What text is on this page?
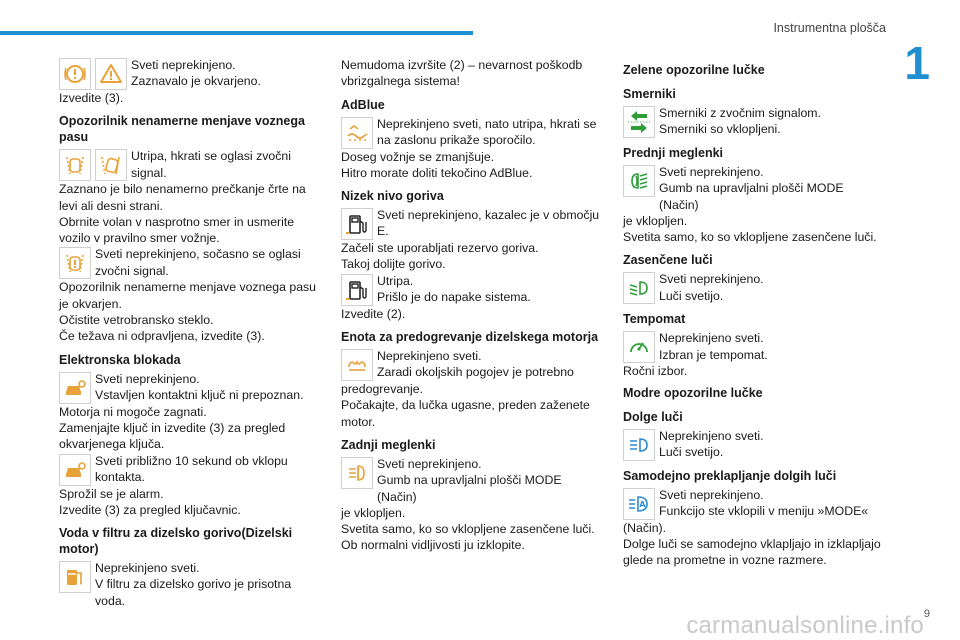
Instrumentna plošča
1

Sveti neprekinjeno.

Zaznavalo je okvarjeno.

Izvedite (3).

Opozorilnik nenamerne menjave voznega pasu

Utripa, hkrati se oglasi zvočni

signal.

Zaznano je bilo nenamerno prečkanje črte na

levi ali desni strani.

Obrnite volan v nasprotno smer in usmerite

vozilo v pravilno smer vožnje.

Sveti neprekinjeno, sočasno se oglasi

zvočni signal.

Opozorilnik nenamerne menjave voznega pasu

je okvarjen.

Očistite vetrobransko steklo.

Če težava ni odpravljena, izvedite (3).

Elektronska blokada

Sveti neprekinjeno.

Vstavljen kontaktni ključ ni prepoznan.

Motorja ni mogoče zagnati.

Zamenjajte ključ in izvedite (3) za pregled

okvarjenega ključa.

Sveti približno 10 sekund ob vklopu

kontakta.

Sprožil se je alarm.

Izvedite (3) za pregled ključavnic.

Voda v filtru za dizelsko gorivo(Dizelski motor)

Neprekinjeno sveti.

V filtru za dizelsko gorivo je prisotna voda.

Nemudoma izvršite (2) – nevarnost poškodb

vbrizgalnega sistema!

AdBlue

Neprekinjeno sveti, nato utripa, hkrati se

na zaslonu prikaže sporočilo.

Doseg vožnje se zmanjšuje.

Hitro morate doliti tekočino AdBlue.

Nizek nivo goriva

Sveti neprekinjeno, kazalec je v območju

E.

Začeli ste uporabljati rezervo goriva.

Takoj dolijte gorivo.

Utripa.

Prišlo je do napake sistema.

Izvedite (2).

Enota za predogrevanje dizelskega motorja

Neprekinjeno sveti.

Zaradi okoljskih pogojev je potrebno

predogrevanje.

Počakajte, da lučka ugasne, preden zaženete

motor.

Zadnji meglenki

Sveti neprekinjeno.

Gumb na upravljalni plošči MODE (Način)

je vklopljen.

Svetita samo, ko so vklopljene zasenčene luči.

Ob normalni vidljivosti ju izklopite.

Zelene opozorilne lučke
Smerniki

Smerniki z zvočnim signalom.

Smerniki so vklopljeni.

Prednji meglenki

Sveti neprekinjeno.

Gumb na upravljalni plošči MODE (Način)

je vklopljen.

Svetita samo, ko so vklopljene zasenčene luči.

Zasenčene luči

Sveti neprekinjeno.

Luči svetijo.

Tempomat

Neprekinjeno sveti.

Izbran je tempomat.

Ročni izbor.

Modre opozorilne lučke
Dolge luči

Neprekinjeno sveti.

Luči svetijo.

Samodejno preklapljanje dolgih luči
A

Sveti neprekinjeno.

Funkcijo ste vklopili v meniju »MODE«

(Način).

Dolge luči se samodejno vklapljajo in izklapljajo

glede na prometne in vozne razmere.

carmanualsonline.info 9
